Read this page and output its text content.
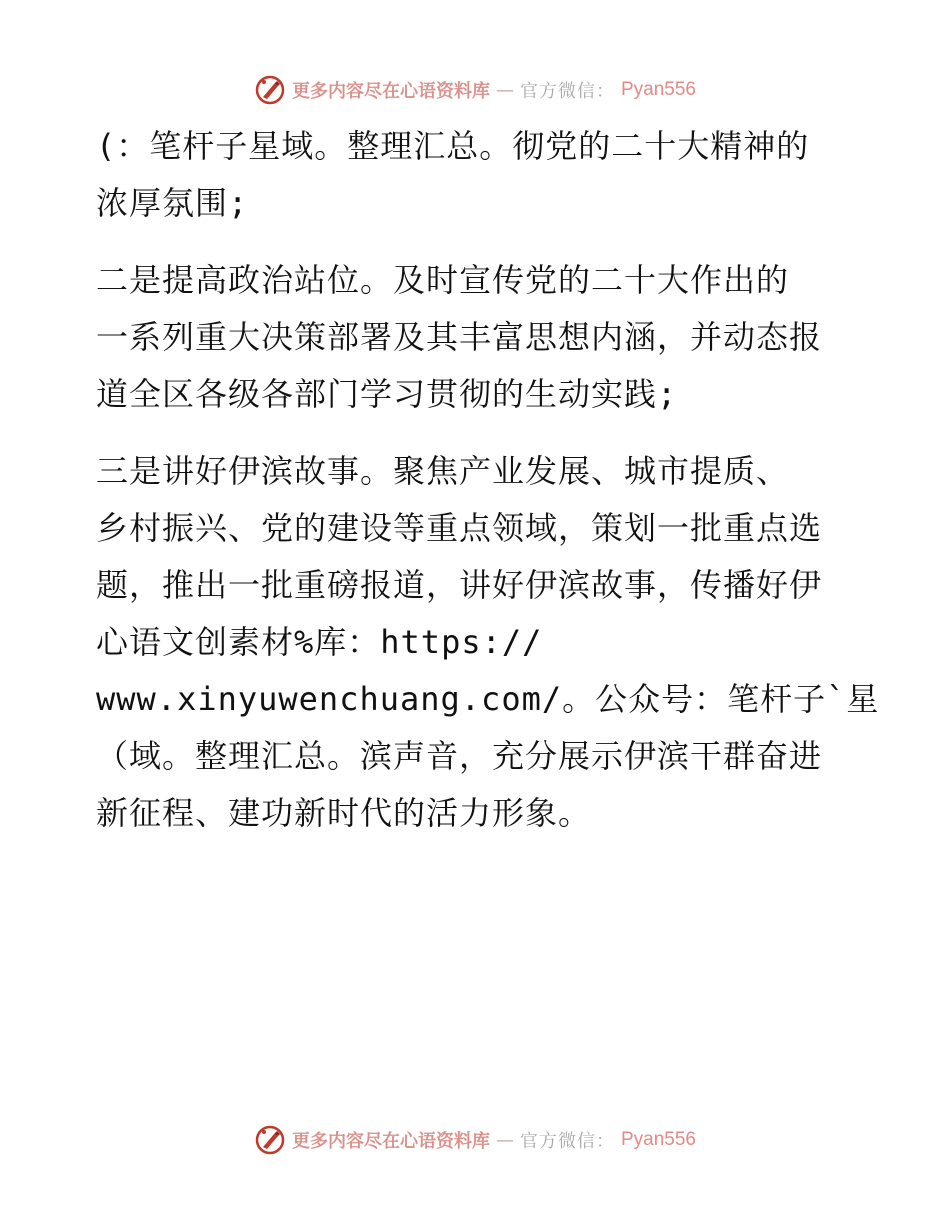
更多内容尽在心语资料库 — 官方微信： Pyan556
(：笔杆子星域。整理汇总。彻党的二十大精神的
浓厚氛围;
二是提高政治站位。及时宣传党的二十大作出的
一系列重大决策部署及其丰富思想内涵，并动态报
道全区各级各部门学习贯彻的生动实践;
三是讲好伊滨故事。聚焦产业发展、城市提质、
乡村振兴、党的建设等重点领域，策划一批重点选
题，推出一批重磅报道，讲好伊滨故事，传播好伊
心语文创素材%库：https://
www.xinyuwenchuang.com/。公众号：笔杆子`星
（域。整理汇总。滨声音，充分展示伊滨干群奋进
新征程、建功新时代的活力形象。
更多内容尽在心语资料库 — 官方微信： Pyan556
